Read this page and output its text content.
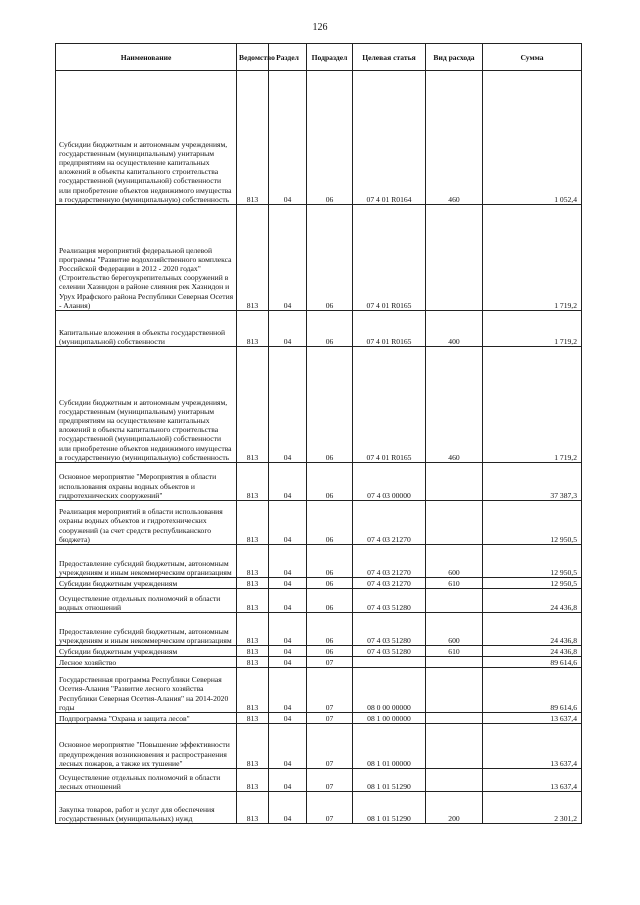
126
Наименование	Ведомство	Раздел	Подраздел	Целевая статья	Вид расхода	Сумма
Субсидии бюджетным и автономным учреждениям, государственным (муниципальным) унитарным предприятиям на осуществление капитальных вложений в объекты капитального строительства государственной (муниципальной) собственности или приобретение объектов недвижимого имущества в государственную (муниципальную) собственность	813	04	06	07 4 01 R0164	460	1 052,4
Реализация мероприятий федеральной целевой программы "Развитие водохозяйственного комплекса Российской Федерации в 2012 - 2020 годах" (Строительство берегоукрепительных сооружений в селении Хазнидон в районе слияния рек Хазнидон и Урух Ирафского района Республики Северная Осетия - Алания)	813	04	06	07 4 01 R0165		1 719,2
Капитальные вложения в объекты государственной (муниципальной) собственности	813	04	06	07 4 01 R0165	400	1 719,2
Субсидии бюджетным и автономным учреждениям, государственным (муниципальным) унитарным предприятиям на осуществление капитальных вложений в объекты капитального строительства государственной (муниципальной) собственности или приобретение объектов недвижимого имущества в государственную (муниципальную) собственность	813	04	06	07 4 01 R0165	460	1 719,2
Основное мероприятие "Мероприятия в области использования охраны водных объектов и гидротехнических сооружений"	813	04	06	07 4 03 00000		37 387,3
Реализация мероприятий в области использования охраны водных объектов и гидротехнических сооружений (за счет средств республиканского бюджета)	813	04	06	07 4 03 21270		12 950,5
Предоставление субсидий бюджетным, автономным учреждениям и иным некоммерческим организациям	813	04	06	07 4 03 21270	600	12 950,5
Субсидии бюджетным учреждениям	813	04	06	07 4 03 21270	610	12 950,5
Осуществление отдельных полномочий в области водных отношений	813	04	06	07 4 03 51280		24 436,8
Предоставление субсидий бюджетным, автономным учреждениям и иным некоммерческим организациям	813	04	06	07 4 03 51280	600	24 436,8
Субсидии бюджетным учреждениям	813	04	06	07 4 03 51280	610	24 436,8
Лесное хозяйство	813	04	07			89 614,6
Государственная программа Республики Северная Осетия-Алания "Развитие лесного хозяйства Республики Северная Осетия-Алания" на 2014-2020 годы	813	04	07	08 0 00 00000		89 614,6
Подпрограмма "Охрана и защита лесов"	813	04	07	08 1 00 00000		13 637,4
Основное мероприятие "Повышение эффективности предупреждения возникновения и распространения лесных пожаров, а также их тушение"	813	04	07	08 1 01 00000		13 637,4
Осуществление отдельных полномочий в области лесных отношений	813	04	07	08 1 01 51290		13 637,4
Закупка товаров, работ и услуг для обеспечения государственных (муниципальных) нужд	813	04	07	08 1 01 51290	200	2 301,2
